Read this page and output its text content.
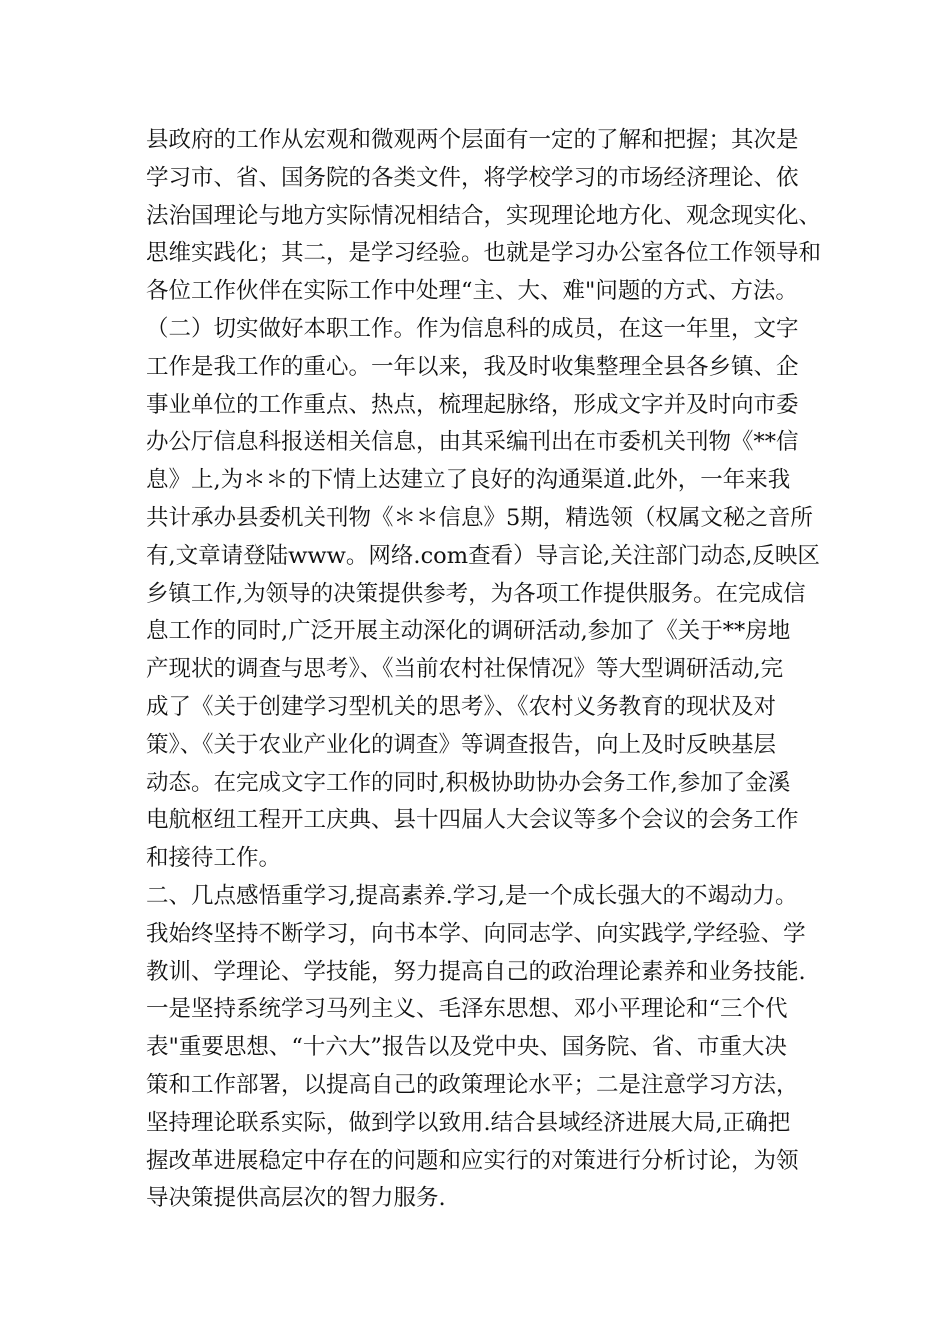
县政府的工作从宏观和微观两个层面有一定的了解和把握；其次是
学习市、省、国务院的各类文件，将学校学习的市场经济理论、依
法治国理论与地方实际情况相结合，实现理论地方化、观念现实化、
思维实践化；其二，是学习经验。也就是学习办公室各位工作领导和
各位工作伙伴在实际工作中处理“主、大、难"问题的方式、方法。
（二）切实做好本职工作。作为信息科的成员，在这一年里，文字
工作是我工作的重心。一年以来，我及时收集整理全县各乡镇、企
事业单位的工作重点、热点，梳理起脉络，形成文字并及时向市委
办公厅信息科报送相关信息，由其采编刊出在市委机关刊物《**信
息》上,为＊＊的下情上达建立了良好的沟通渠道.此外，一年来我
共计承办县委机关刊物《＊＊信息》5期，精选领（权属文秘之音所
有,文章请登陆www。网络.com查看）导言论,关注部门动态,反映区
乡镇工作,为领导的决策提供参考，为各项工作提供服务。在完成信
息工作的同时,广泛开展主动深化的调研活动,参加了《关于**房地
产现状的调查与思考》、《当前农村社保情况》等大型调研活动,完
成了《关于创建学习型机关的思考》、《农村义务教育的现状及对
策》、《关于农业产业化的调查》等调查报告，向上及时反映基层
动态。在完成文字工作的同时,积极协助协办会务工作,参加了金溪
电航枢纽工程开工庆典、县十四届人大会议等多个会议的会务工作
和接待工作。
二、几点感悟重学习,提高素养.学习,是一个成长强大的不竭动力。
我始终坚持不断学习，向书本学、向同志学、向实践学,学经验、学
教训、学理论、学技能，努力提高自己的政治理论素养和业务技能.
一是坚持系统学习马列主义、毛泽东思想、邓小平理论和“三个代
表"重要思想、“十六大”报告以及党中央、国务院、省、市重大决
策和工作部署，以提高自己的政策理论水平；二是注意学习方法，
坚持理论联系实际，做到学以致用.结合县域经济进展大局,正确把
握改革进展稳定中存在的问题和应实行的对策进行分析讨论，为领
导决策提供高层次的智力服务.
